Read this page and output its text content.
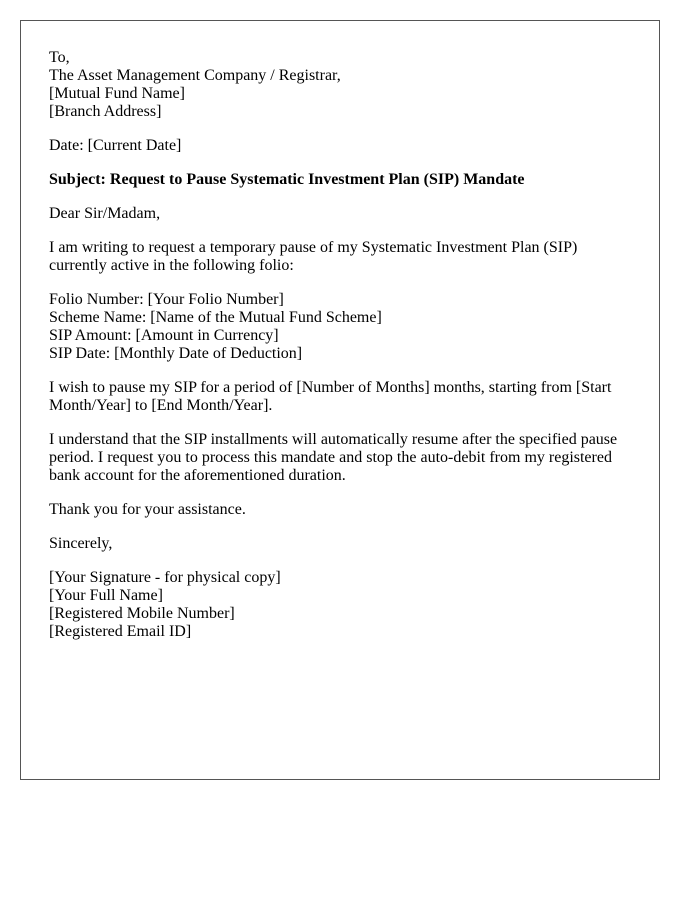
To,
The Asset Management Company / Registrar,
[Mutual Fund Name]
[Branch Address]

Date: [Current Date]

Subject: Request to Pause Systematic Investment Plan (SIP) Mandate

Dear Sir/Madam,

I am writing to request a temporary pause of my Systematic Investment Plan (SIP) currently active in the following folio:

Folio Number: [Your Folio Number]
Scheme Name: [Name of the Mutual Fund Scheme]
SIP Amount: [Amount in Currency]
SIP Date: [Monthly Date of Deduction]

I wish to pause my SIP for a period of [Number of Months] months, starting from [Start Month/Year] to [End Month/Year].

I understand that the SIP installments will automatically resume after the specified pause period. I request you to process this mandate and stop the auto-debit from my registered bank account for the aforementioned duration.

Thank you for your assistance.

Sincerely,

[Your Signature - for physical copy]
[Your Full Name]
[Registered Mobile Number]
[Registered Email ID]
